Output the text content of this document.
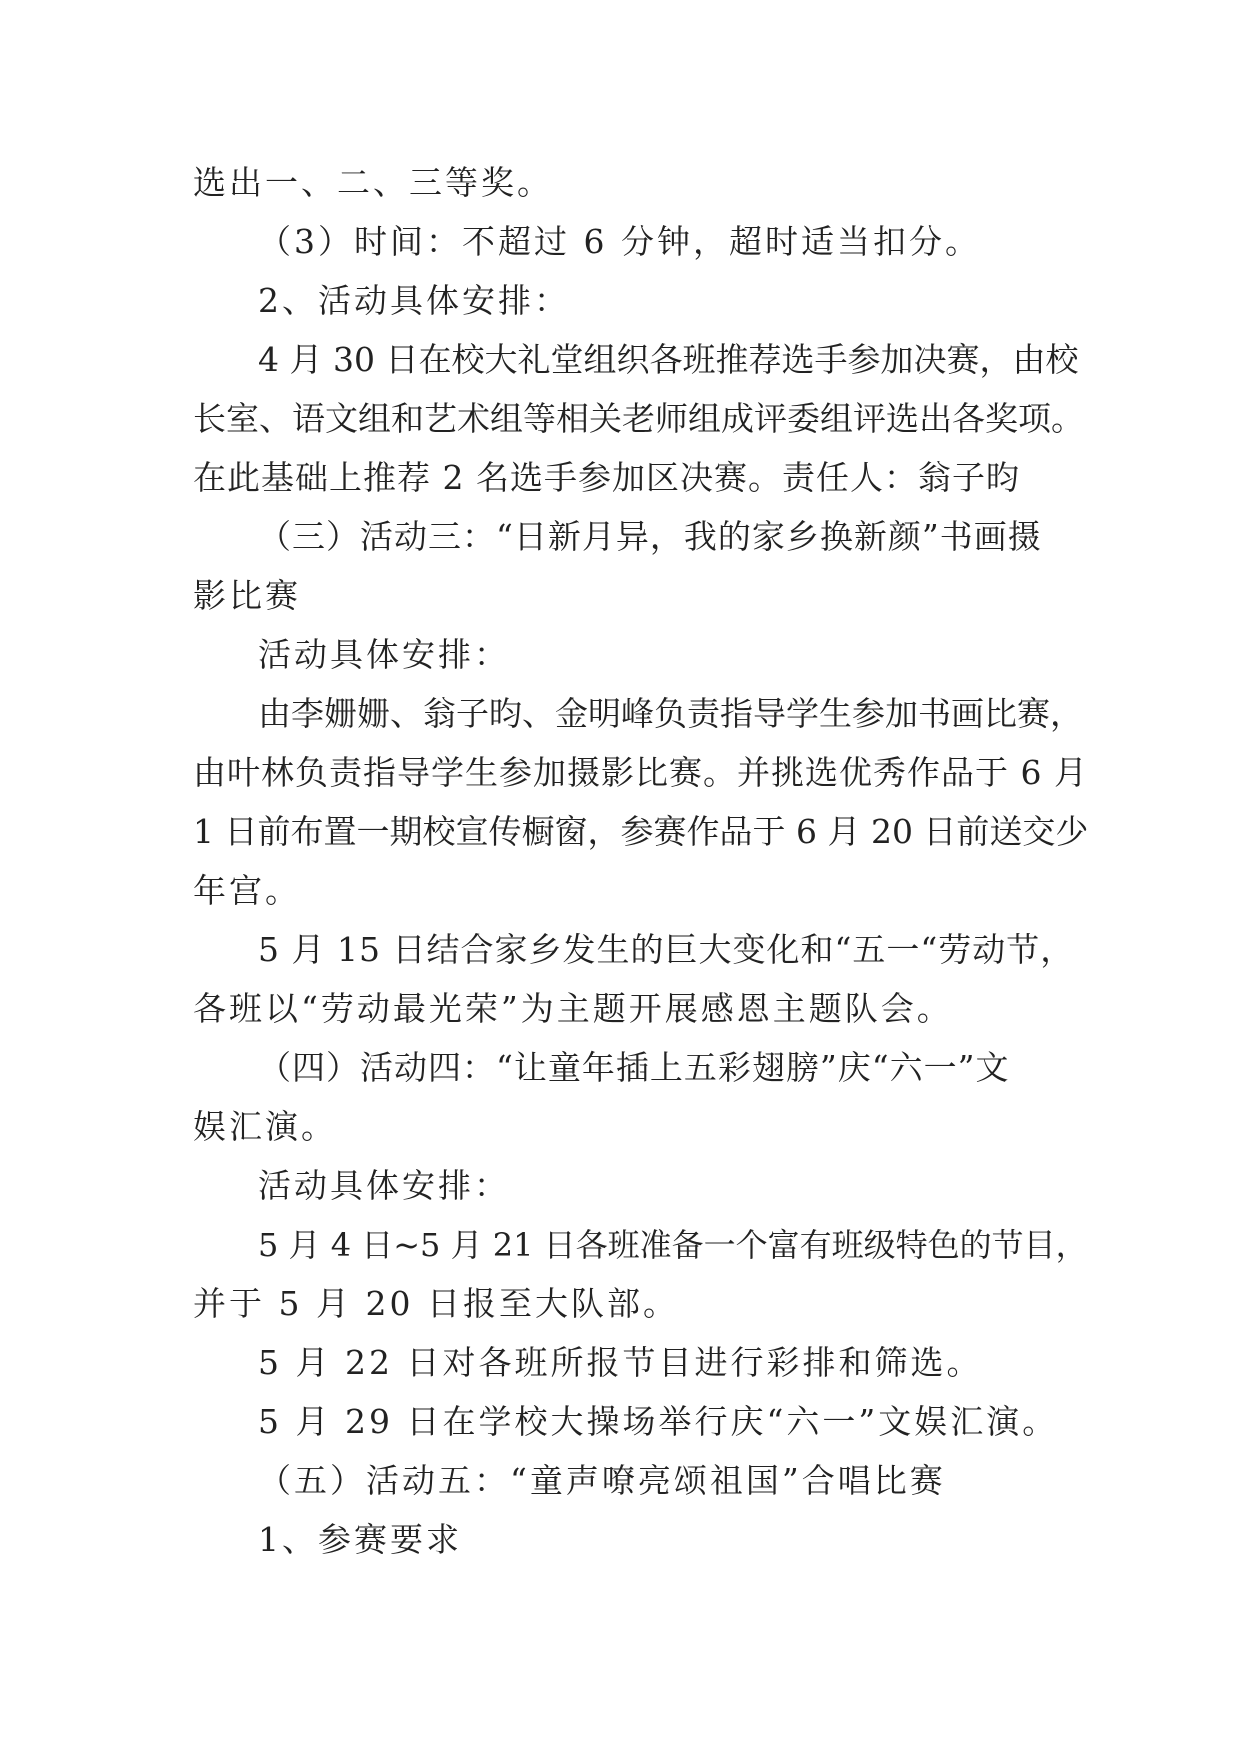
选出一、二、三等奖。
（3）时间：不超过 6 分钟，超时适当扣分。
2、活动具体安排：
4 月 30 日在校大礼堂组织各班推荐选手参加决赛，由校
长室、语文组和艺术组等相关老师组成评委组评选出各奖项。
在此基础上推荐 2 名选手参加区决赛。责任人：翁子昀
（三）活动三：“日新月异，我的家乡换新颜”书画摄
影比赛
活动具体安排：
由李姗姗、翁子昀、金明峰负责指导学生参加书画比赛，
由叶林负责指导学生参加摄影比赛。并挑选优秀作品于 6 月
1 日前布置一期校宣传橱窗，参赛作品于 6 月 20 日前送交少
年宫。
5 月 15 日结合家乡发生的巨大变化和“五一“劳动节，
各班以“劳动最光荣”为主题开展感恩主题队会。
（四）活动四：“让童年插上五彩翅膀”庆“六一”文
娱汇演。
活动具体安排：
5 月 4 日~5 月 21 日各班准备一个富有班级特色的节目，
并于 5 月 20 日报至大队部。
5 月 22 日对各班所报节目进行彩排和筛选。
5 月 29 日在学校大操场举行庆“六一”文娱汇演。
（五）活动五：“童声嘹亮颂祖国”合唱比赛
1、参赛要求
